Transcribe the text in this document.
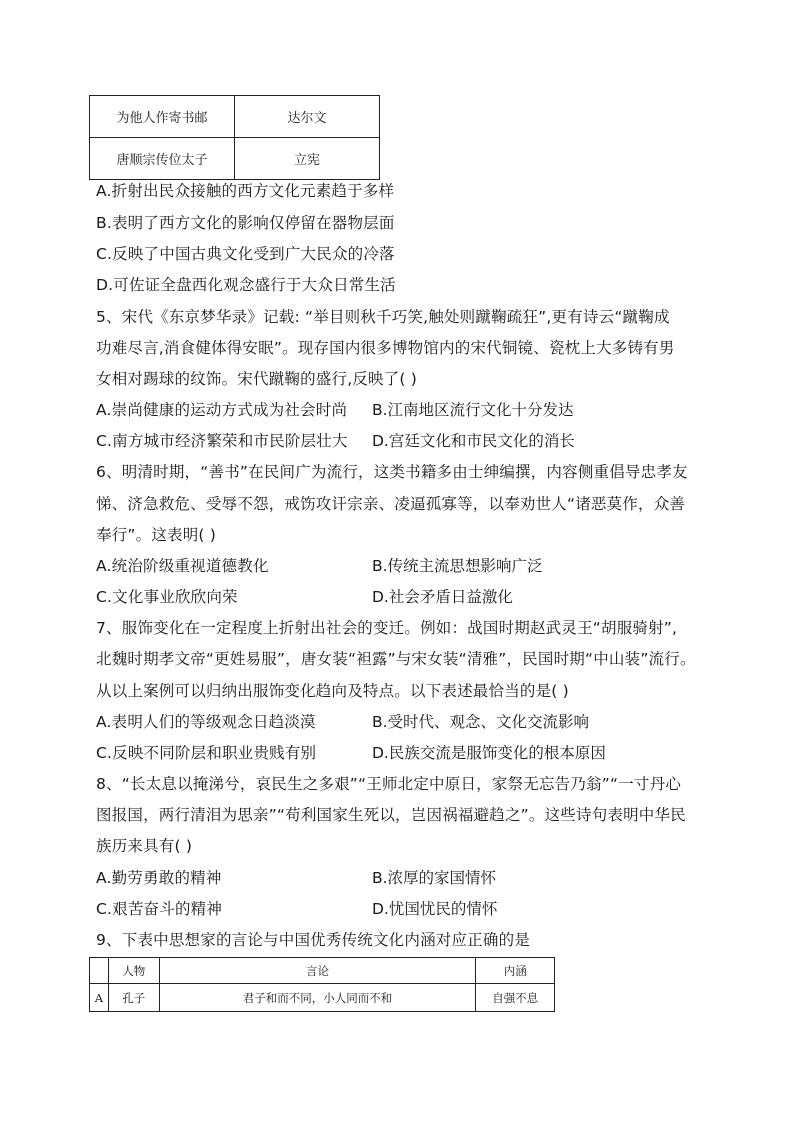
为他人作寄书邮	达尔文
唐顺宗传位太子	立宪
A.折射出民众接触的西方文化元素趋于多样
B.表明了西方文化的影响仅停留在器物层面
C.反映了中国古典文化受到广大民众的冷落
D.可佐证全盘西化观念盛行于大众日常生活
5、宋代《东京梦华录》记载: “举目则秋千巧笑,触处则蹴鞠疏狂”,更有诗云“蹴鞠成
功难尽言,消食健体得安眠”。现存国内很多博物馆内的宋代铜镜、瓷枕上大多铸有男
女相对踢球的纹饰。宋代蹴鞠的盛行,反映了( )
A.崇尚健康的运动方式成为社会时尚 B.江南地区流行文化十分发达
C.南方城市经济繁荣和市民阶层壮大 D.宫廷文化和市民文化的消长
6、明清时期，“善书”在民间广为流行，这类书籍多由士绅编撰，内容侧重倡导忠孝友
悌、济急救危、受辱不怨，戒饬攻讦宗亲、凌逼孤寡等，以奉劝世人“诸恶莫作，众善
奉行”。这表明( )
A.统治阶级重视道德教化	B.传统主流思想影响广泛
C.文化事业欣欣向荣	D.社会矛盾日益激化
7、服饰变化在一定程度上折射出社会的变迁。例如：战国时期赵武灵王“胡服骑射”,
北魏时期孝文帝“更姓易服”，唐女装“袒露”与宋女装“清雅”，民国时期“中山装”流行。
从以上案例可以归纳出服饰变化趋向及特点。以下表述最恰当的是( )
A.表明人们的等级观念日趋淡漠	B.受时代、观念、文化交流影响
C.反映不同阶层和职业贵贱有别	D.民族交流是服饰变化的根本原因
8、“长太息以掩涕兮，哀民生之多艰”“王师北定中原日，家祭无忘告乃翁”“一寸丹心
图报国，两行清泪为思亲”“苟利国家生死以，岂因祸福避趋之”。这些诗句表明中华民
族历来具有( )
A.勤劳勇敢的精神	B.浓厚的家国情怀
C.艰苦奋斗的精神	D.忧国忧民的情怀
9、下表中思想家的言论与中国优秀传统文化内涵对应正确的是
	人物	言论	内涵
A	孔子	君子和而不同，小人同而不和	自强不息
